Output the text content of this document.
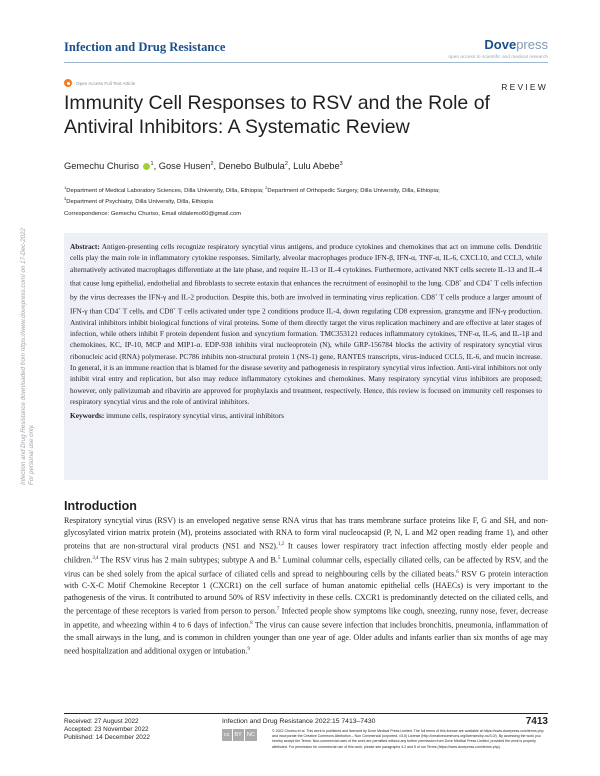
Infection and Drug Resistance	Dovepress
open access to scientific and medical research
Open Access Full Text Article	REVIEW
Immunity Cell Responses to RSV and the Role of Antiviral Inhibitors: A Systematic Review
Gemechu Churiso $^1$, Gose Husen$^2$, Denebo Bulbula$^2$, Lulu Abebe$^3$
$^1$Department of Medical Laboratory Sciences, Dilla University, Dilla, Ethiopia; $^2$Department of Orthopedic Surgery, Dilla University, Dilla, Ethiopia;
$^3$Department of Psychiatry, Dilla University, Dilla, Ethiopia
Correspondence: Gemechu Churiso, Email oldalemo60@gmail.com

Abstract: Antigen-presenting cells recognize respiratory syncytial virus antigens, and produce cytokines and chemokines that act on immune cells. Dendritic cells play the main role in inflammatory cytokine responses. Similarly, alveolar macrophages produce IFN-β, IFN-α, TNF-α, IL-6, CXCL10, and CCL3, while alternatively activated macrophages differentiate at the late phase, and require IL-13 or IL-4 cytokines. Furthermore, activated NKT cells secrete IL-13 and IL-4 that cause lung epithelial, endothelial and fibroblasts to secrete eotaxin that enhances the recruitment of eosinophil to the lung. CD8+ and CD4+ T cells infection by the virus decreases the IFN-γ and IL-2 production. Despite this, both are involved in terminating virus replication. CD8+ T cells produce a larger amount of IFN-γ than CD4+ T cells, and CD8+ T cells activated under type 2 conditions produce IL-4, down regulating CD8 expression, granzyme and IFN-γ production. Antiviral inhibitors inhibit biological functions of viral proteins. Some of them directly target the virus replication machinery and are effective at later stages of infection, while others inhibit F protein dependent fusion and syncytium formation. TMC353121 reduces inflammatory cytokines, TNF-α, IL-6, and IL-1β and chemokines, KC, IP-10, MCP and MIP1-α. EDP-938 inhibits viral nucleoprotein (N), while GRP-156784 blocks the activity of respiratory syncytial virus ribonucleic acid (RNA) polymerase. PC786 inhibits non-structural protein 1 (NS-1) gene, RANTES transcripts, virus-induced CCL5, IL-6, and mucin increase. In general, it is an immune reaction that is blamed for the disease severity and pathogenesis in respiratory syncytial virus infection. Anti-viral inhibitors not only inhibit viral entry and replication, but also may reduce inflammatory cytokines and chemokines. Many respiratory syncytial virus inhibitors are proposed; however, only palivizumab and ribavirin are approved for prophylaxis and treatment, respectively. Hence, this review is focused on immunity cell responses to respiratory syncytial virus and the role of antiviral inhibitors.

Keywords: immune cells, respiratory syncytial virus, antiviral inhibitors
Introduction

Respiratory syncytial virus (RSV) is an enveloped negative sense RNA virus that has trans membrane surface proteins like F, G and SH, and non-glycosylated virion matrix protein (M), proteins associated with RNA to form viral nucleocapsid (P, N, L and M2 open reading frame 1), and other proteins that are non-structural viral products (NS1 and NS2).$^{1,2}$ It causes lower respiratory tract infection affecting mostly elder people and children.$^{3,4}$ The RSV virus has 2 main subtypes; subtype A and B.$^5$ Luminal columnar cells, especially ciliated cells, can be affected by RSV, and the virus can be shed solely from the apical surface of ciliated cells and spread to neighbouring cells by the ciliated beats.$^6$ RSV G protein interaction with C-X-C Motif Chemokine Receptor 1 (CXCR1) on the cell surface of human anatomic epithelial cells (HAECs) is very important to the pathogenesis of the virus. It contributed to around 50% of RSV infectivity in these cells. CXCR1 is predominantly detected on the ciliated cells, and the percentage of these receptors is varied from person to person.$^7$ Infected people show symptoms like cough, sneezing, runny nose, fever, decrease in appetite, and wheezing within 4 to 6 days of infection.$^8$ The virus can cause severe infection that includes bronchitis, pneumonia, inflammation of the small airways in the lung, and is common in children younger than one year of age. Older adults and infants earlier than six months of age may need hospitalization and additional oxygen or intubation.$^9$

Infection and Drug Resistance downloaded from https://www.dovepress.com/ on 17-Dec-2022
For personal use only.
Received: 27 August 2022
Accepted: 23 November 2022
Published: 14 December 2022
Infection and Drug Resistance 2022:15 7413–7430	7413
cc BY NC
© 2022 Churiso et al. This work is published and licensed by Dove Medical Press Limited. The full terms of this license are available at https://www.dovepress.com/terms.php and incorporate the Creative Commons Attribution – Non Commercial (unported, v3.0) License (http://creativecommons.org/licenses/by-nc/3.0/). By accessing the work you hereby accept the Terms. Non-commercial uses of the work are permitted without any further permission from Dove Medical Press Limited, provided the work is properly attributed. For permission for commercial use of this work, please see paragraphs 4.2 and 5 of our Terms (https://www.dovepress.com/terms.php).
